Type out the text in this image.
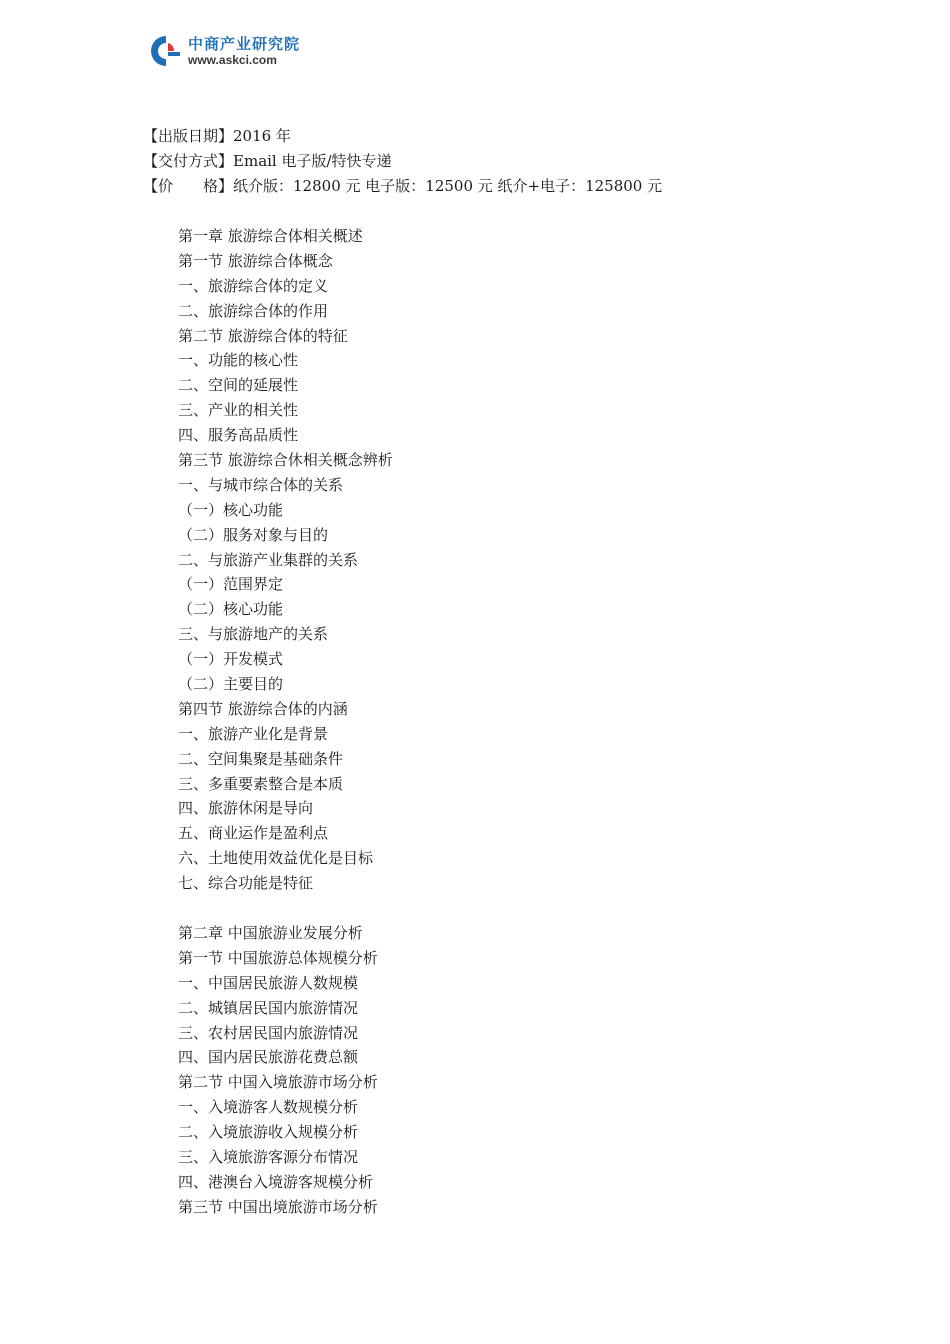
中商产业研究院
www.askci.com
【出版日期】2016 年
【交付方式】Email 电子版/特快专递
【价　　格】纸介版：12800 元 电子版：12500 元 纸介+电子：125800 元
第一章 旅游综合体相关概述
第一节 旅游综合体概念
一、旅游综合体的定义
二、旅游综合体的作用
第二节 旅游综合体的特征
一、功能的核心性
二、空间的延展性
三、产业的相关性
四、服务高品质性
第三节 旅游综合休相关概念辨析
一、与城市综合体的关系
（一）核心功能
（二）服务对象与目的
二、与旅游产业集群的关系
（一）范围界定
（二）核心功能
三、与旅游地产的关系
（一）开发模式
（二）主要目的
第四节 旅游综合体的内涵
一、旅游产业化是背景
二、空间集聚是基础条件
三、多重要素整合是本质
四、旅游休闲是导向
五、商业运作是盈利点
六、土地使用效益优化是目标
七、综合功能是特征
第二章 中国旅游业发展分析
第一节 中国旅游总体规模分析
一、中国居民旅游人数规模
二、城镇居民国内旅游情况
三、农村居民国内旅游情况
四、国内居民旅游花费总额
第二节 中国入境旅游市场分析
一、入境游客人数规模分析
二、入境旅游收入规模分析
三、入境旅游客源分布情况
四、港澳台入境游客规模分析
第三节 中国出境旅游市场分析
